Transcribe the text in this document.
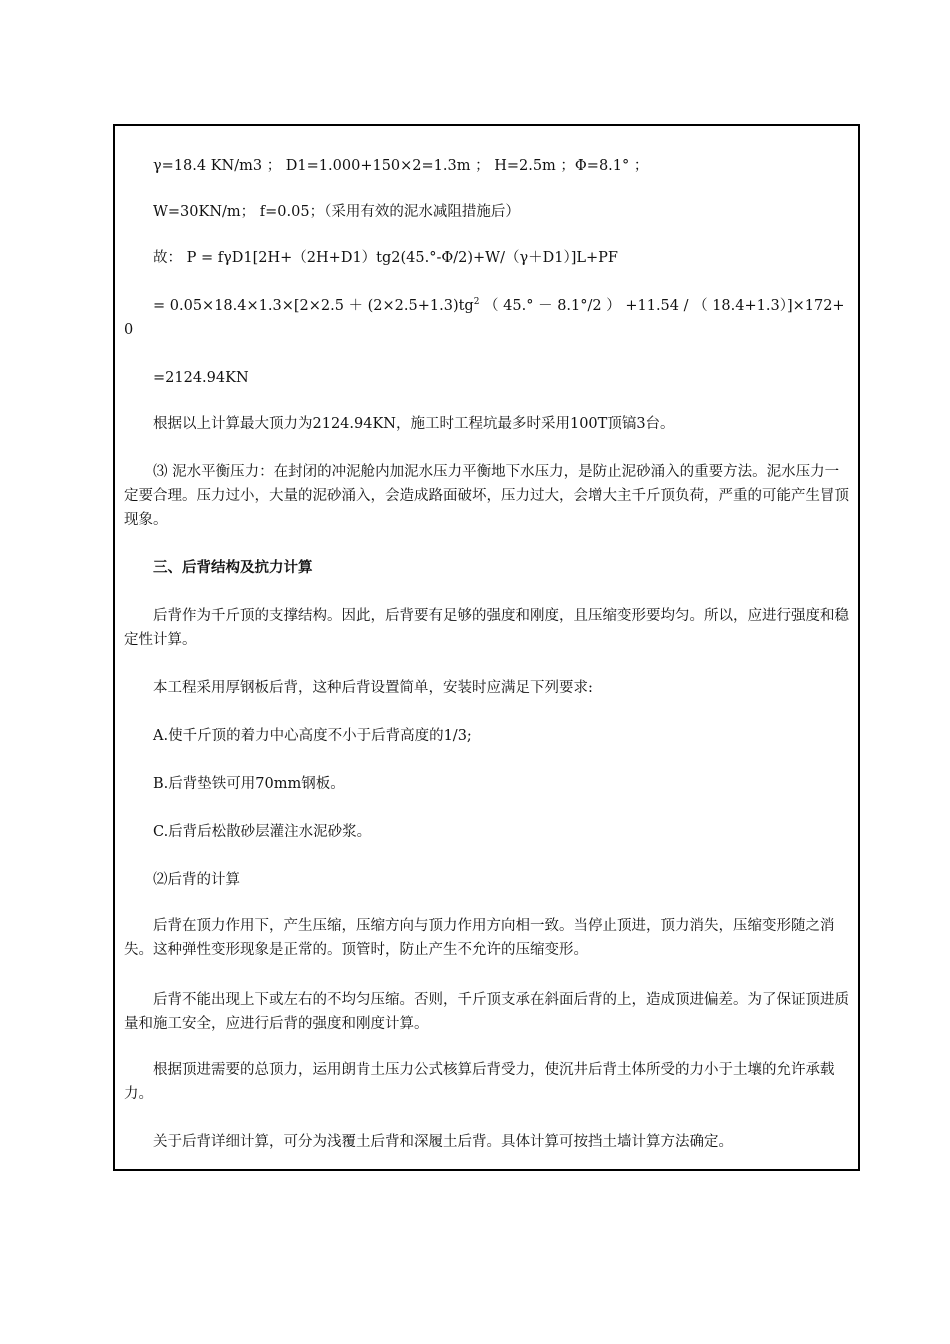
γ=18.4 KN/m3 ； D1=1.000+150×2=1.3m ； H=2.5m ；Φ=8.1° ；

W=30KN/m； f=0.05；（采用有效的泥水减阻措施后）

故： P = fγD1[2H+（2H+D1）tg2(45.°-Φ/2)+W/（γ＋D1）]L+PF

= $0.05\times 18.4\times 1.3\times[2\times 2.5 + (2\times 2.5+1.3)tg^2$ （ 45.° － 8.1°/2 ） +11.54 / （ 18.4+1.3）]×172+0

=2124.94KN

根据以上计算最大顶力为2124.94KN，施工时工程坑最多时采用100T顶镐3台。

⑶ 泥水平衡压力：在封闭的冲泥舱内加泥水压力平衡地下水压力，是防止泥砂涌入的重要方法。泥水压力一定要合理。压力过小，大量的泥砂涌入，会造成路面破坏，压力过大，会增大主千斤顶负荷，严重的可能产生冒顶现象。

三、后背结构及抗力计算

后背作为千斤顶的支撑结构。因此，后背要有足够的强度和刚度，且压缩变形要均匀。所以，应进行强度和稳定性计算。

本工程采用厚钢板后背，这种后背设置简单，安装时应满足下列要求:

A.使千斤顶的着力中心高度不小于后背高度的1/3;

B.后背垫铁可用70mm钢板。

C.后背后松散砂层灌注水泥砂浆。

⑵后背的计算

后背在顶力作用下，产生压缩，压缩方向与顶力作用方向相一致。当停止顶进，顶力消失，压缩变形随之消失。这种弹性变形现象是正常的。顶管时，防止产生不允许的压缩变形。

后背不能出现上下或左右的不均匀压缩。否则，千斤顶支承在斜面后背的上，造成顶进偏差。为了保证顶进质量和施工安全，应进行后背的强度和刚度计算。

根据顶进需要的总顶力，运用朗肯土压力公式核算后背受力，使沉井后背土体所受的力小于土壤的允许承载力。

关于后背详细计算，可分为浅覆土后背和深履土后背。具体计算可按挡土墙计算方法确定。
